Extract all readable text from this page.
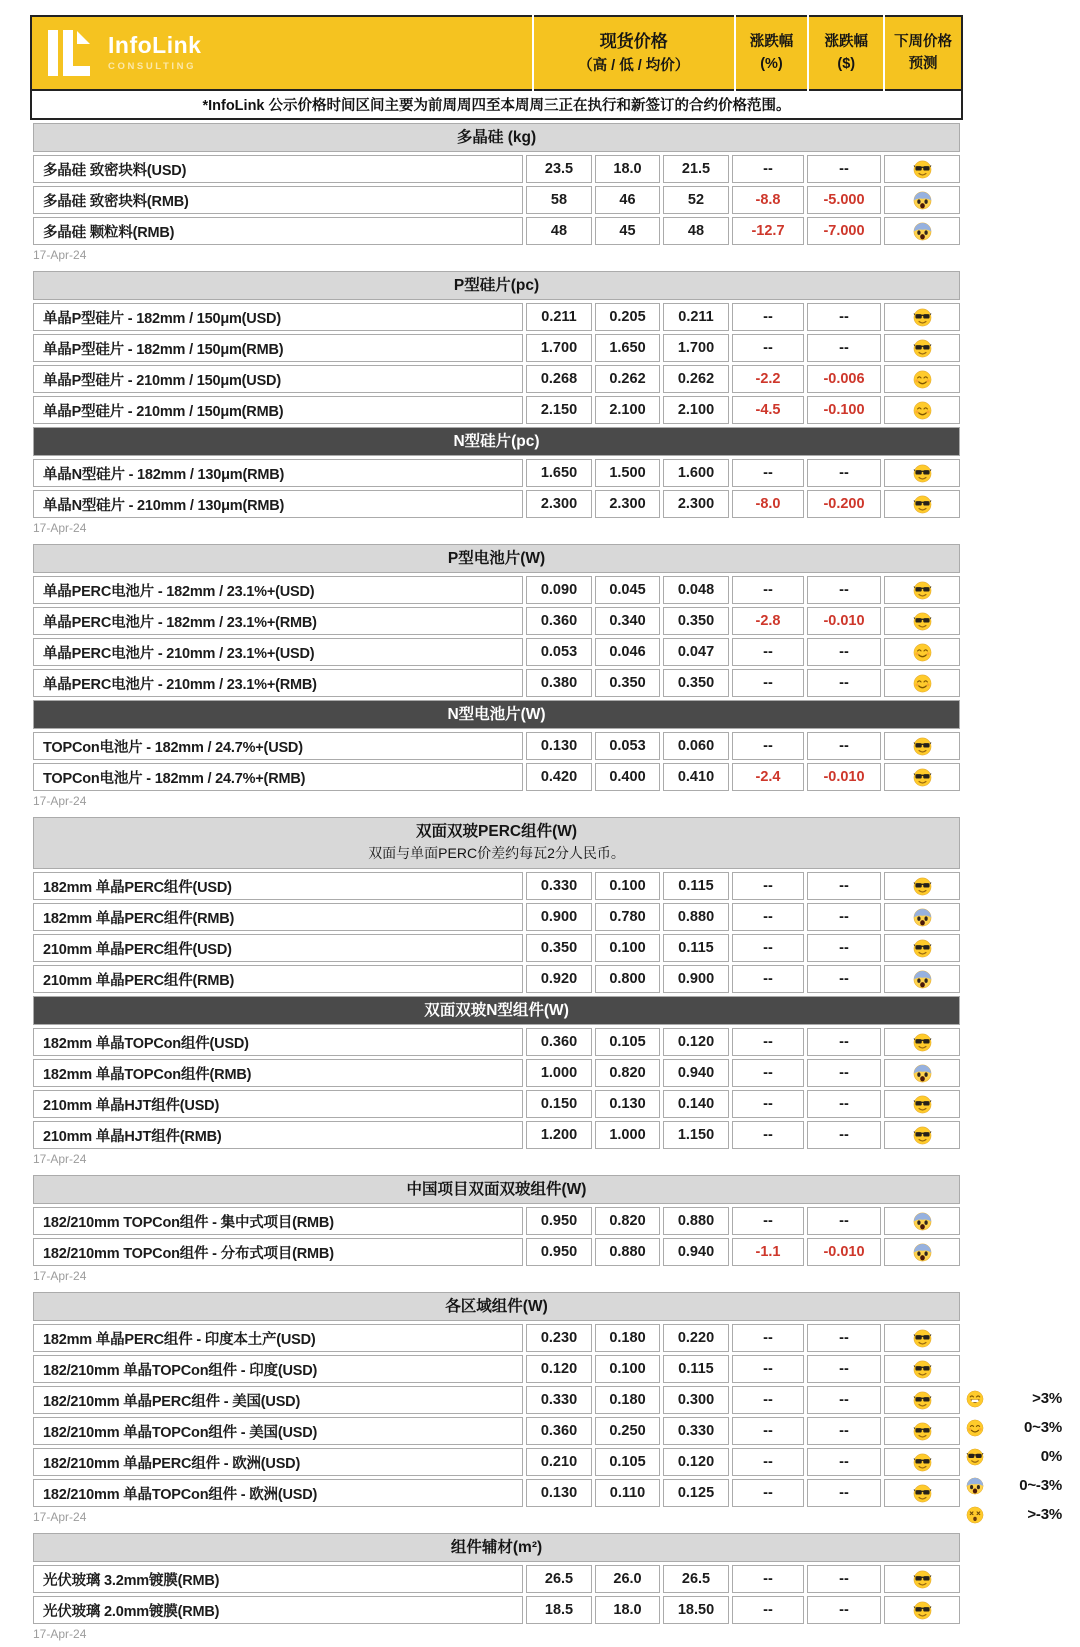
InfoLink
CONSULTING

现货价格
（高 / 低 / 均价）

涨跌幅
(%)

涨跌幅
($)

下周价格
预测

*InfoLink 公示价格时间区间主要为前周周四至本周周三正在执行和新签订的合约价格范围。
多晶硅 (kg)						

多晶硅 致密块料(USD)	23.5	18.0	21.5	--	--	

多晶硅 致密块料(RMB)	58	46	52	-8.8	-5.000	

多晶硅 颗粒料(RMB)	48	45	48	-12.7	-7.000	
17-Apr-24
P型硅片(pc)						

单晶P型硅片 - 182mm / 150μm(USD)	0.211	0.205	0.211	--	--	

单晶P型硅片 - 182mm / 150μm(RMB)	1.700	1.650	1.700	--	--	

单晶P型硅片 - 210mm / 150μm(USD)	0.268	0.262	0.262	-2.2	-0.006	

单晶P型硅片 - 210mm / 150μm(RMB)	2.150	2.100	2.100	-4.5	-0.100	

N型硅片(pc)						

单晶N型硅片 - 182mm / 130μm(RMB)	1.650	1.500	1.600	--	--	

单晶N型硅片 - 210mm / 130μm(RMB)	2.300	2.300	2.300	-8.0	-0.200	
17-Apr-24
P型电池片(W)						

单晶PERC电池片 - 182mm / 23.1%+(USD)	0.090	0.045	0.048	--	--	

单晶PERC电池片 - 182mm / 23.1%+(RMB)	0.360	0.340	0.350	-2.8	-0.010	

单晶PERC电池片 - 210mm / 23.1%+(USD)	0.053	0.046	0.047	--	--	

单晶PERC电池片 - 210mm / 23.1%+(RMB)	0.380	0.350	0.350	--	--	

N型电池片(W)						

TOPCon电池片 - 182mm / 24.7%+(USD)	0.130	0.053	0.060	--	--	

TOPCon电池片 - 182mm / 24.7%+(RMB)	0.420	0.400	0.410	-2.4	-0.010	
17-Apr-24
双面双玻PERC组件(W)
双面与单面PERC价差约每瓦2分人民币。						

182mm 单晶PERC组件(USD)	0.330	0.100	0.115	--	--	

182mm 单晶PERC组件(RMB)	0.900	0.780	0.880	--	--	

210mm 单晶PERC组件(USD)	0.350	0.100	0.115	--	--	

210mm 单晶PERC组件(RMB)	0.920	0.800	0.900	--	--	

双面双玻N型组件(W)						

182mm 单晶TOPCon组件(USD)	0.360	0.105	0.120	--	--	

182mm 单晶TOPCon组件(RMB)	1.000	0.820	0.940	--	--	

210mm 单晶HJT组件(USD)	0.150	0.130	0.140	--	--	

210mm 单晶HJT组件(RMB)	1.200	1.000	1.150	--	--	
17-Apr-24
中国项目双面双玻组件(W)						

182/210mm TOPCon组件 - 集中式项目(RMB)	0.950	0.820	0.880	--	--	

182/210mm TOPCon组件 - 分布式项目(RMB)	0.950	0.880	0.940	-1.1	-0.010	
17-Apr-24
各区域组件(W)						

182mm 单晶PERC组件 - 印度本土产(USD)	0.230	0.180	0.220	--	--	

182/210mm 单晶TOPCon组件 - 印度(USD)	0.120	0.100	0.115	--	--	

182/210mm 单晶PERC组件 - 美国(USD)	0.330	0.180	0.300	--	--	

182/210mm 单晶TOPCon组件 - 美国(USD)	0.360	0.250	0.330	--	--	

182/210mm 单晶PERC组件 - 欧洲(USD)	0.210	0.105	0.120	--	--	

182/210mm 单晶TOPCon组件 - 欧洲(USD)	0.130	0.110	0.125	--	--	
17-Apr-24
组件辅材(m²)						

光伏玻璃 3.2mm镀膜(RMB)	26.5	26.0	26.5	--	--	

光伏玻璃 2.0mm镀膜(RMB)	18.5	18.0	18.50	--	--	
17-Apr-24
>3%
0~3%
0%
0~-3%
>-3%
